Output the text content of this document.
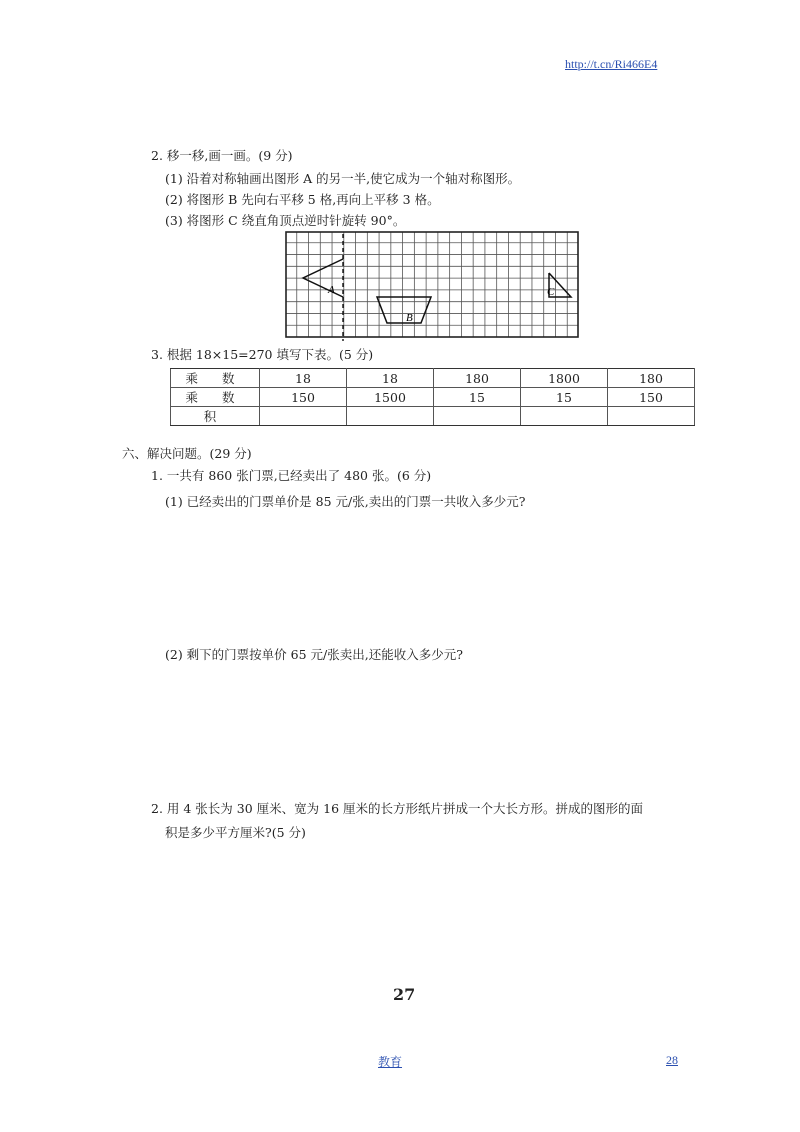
http://t.cn/Ri466E4
2. 移一移,画一画。(9 分)
(1) 沿着对称轴画出图形 A 的另一半,使它成为一个轴对称图形。
(2) 将图形 B 先向右平移 5 格,再向上平移 3 格。
(3) 将图形 C 绕直角顶点逆时针旋转 90°。
A
B
C
3. 根据 18×15=270 填写下表。(5 分)
乘 数	18	18	180	1800	180
乘 数	150	1500	15	15	150
积					
六、解决问题。(29 分)
1. 一共有 860 张门票,已经卖出了 480 张。(6 分)
(1) 已经卖出的门票单价是 85 元/张,卖出的门票一共收入多少元?
(2) 剩下的门票按单价 65 元/张卖出,还能收入多少元?
2. 用 4 张长为 30 厘米、宽为 16 厘米的长方形纸片拼成一个大长方形。拼成的图形的面
积是多少平方厘米?(5 分)
27
教育	28
